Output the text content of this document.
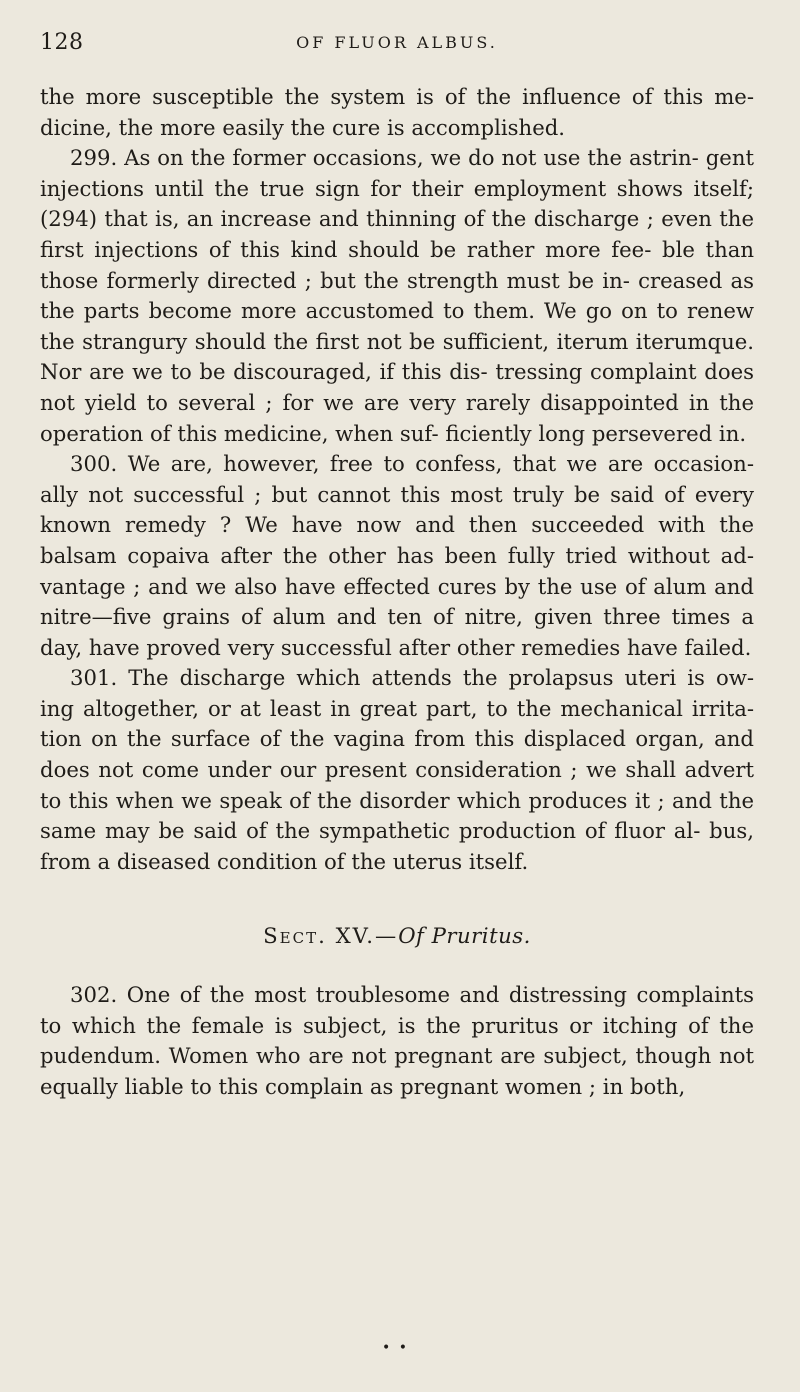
128	OF FLUOR ALBUS.

the more susceptible the system is of the influence of this me- dicine, the more easily the cure is accomplished.

299. As on the former occasions, we do not use the astrin- gent injections until the true sign for their employment shows itself; (294) that is, an increase and thinning of the discharge ; even the first injections of this kind should be rather more fee- ble than those formerly directed ; but the strength must be in- creased as the parts become more accustomed to them. We go on to renew the strangury should the first not be sufficient, iterum iterumque. Nor are we to be discouraged, if this dis- tressing complaint does not yield to several ; for we are very rarely disappointed in the operation of this medicine, when suf- ficiently long persevered in.

300. We are, however, free to confess, that we are occasion- ally not successful ; but cannot this most truly be said of every known remedy ? We have now and then succeeded with the balsam copaiva after the other has been fully tried without ad- vantage ; and we also have effected cures by the use of alum and nitre—five grains of alum and ten of nitre, given three times a day, have proved very successful after other remedies have failed.

301. The discharge which attends the prolapsus uteri is ow- ing altogether, or at least in great part, to the mechanical irrita- tion on the surface of the vagina from this displaced organ, and does not come under our present consideration ; we shall advert to this when we speak of the disorder which produces it ; and the same may be said of the sympathetic production of fluor al- bus, from a diseased condition of the uterus itself.

Sect. XV.—Of Pruritus.

302. One of the most troublesome and distressing complaints to which the female is subject, is the pruritus or itching of the pudendum. Women who are not pregnant are subject, though not equally liable to this complain as pregnant women ; in both,

• •
